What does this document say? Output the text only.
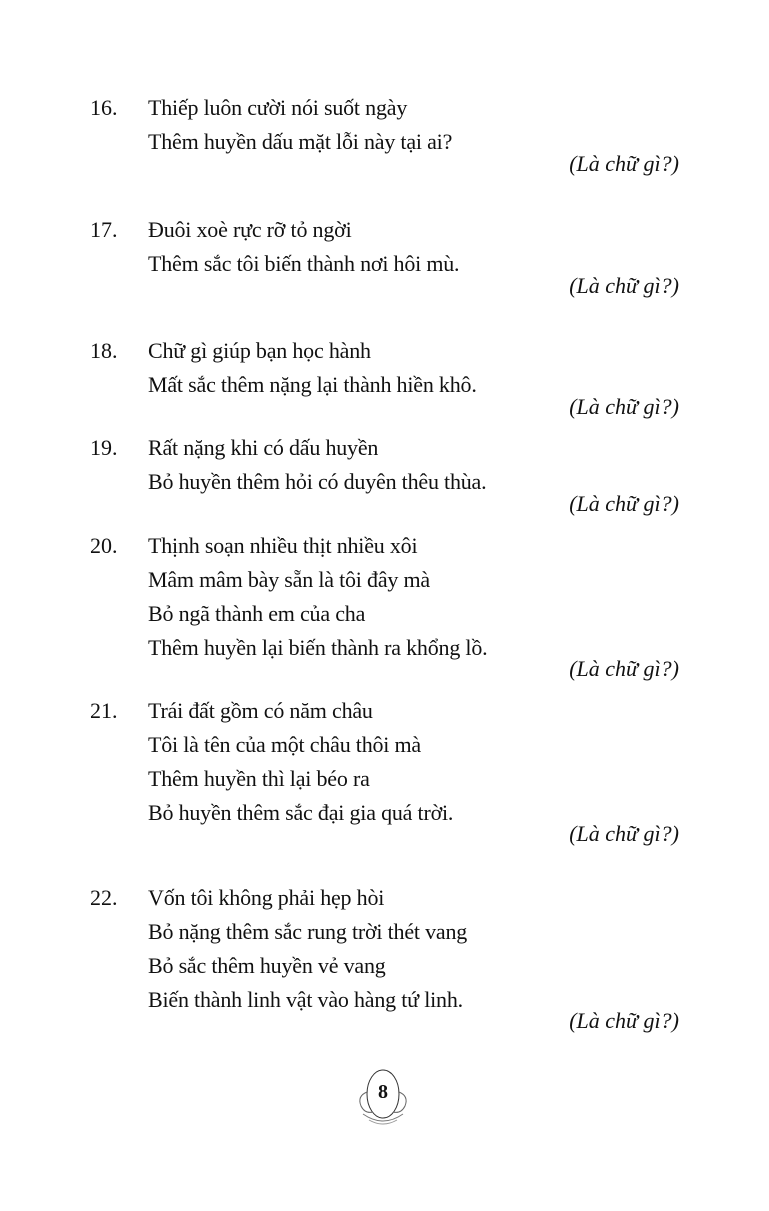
16. Thiếp luôn cười nói suốt ngày
Thêm huyền dấu mặt lỗi này tại ai?
(Là chữ gì?)
17. Đuôi xoè rực rỡ tỏ ngời
Thêm sắc tôi biến thành nơi hôi mù.
(Là chữ gì?)
18. Chữ gì giúp bạn học hành
Mất sắc thêm nặng lại thành hiền khô.
(Là chữ gì?)
19. Rất nặng khi có dấu huyền
Bỏ huyền thêm hỏi có duyên thêu thùa.
(Là chữ gì?)
20. Thịnh soạn nhiều thịt nhiều xôi
Mâm mâm bày sẵn là tôi đây mà
Bỏ ngã thành em của cha
Thêm huyền lại biến thành ra khổng lồ.
(Là chữ gì?)
21. Trái đất gồm có năm châu
Tôi là tên của một châu thôi mà
Thêm huyền thì lại béo ra
Bỏ huyền thêm sắc đại gia quá trời.
(Là chữ gì?)
22. Vốn tôi không phải hẹp hòi
Bỏ nặng thêm sắc rung trời thét vang
Bỏ sắc thêm huyền vẻ vang
Biến thành linh vật vào hàng tứ linh.
(Là chữ gì?)
8
